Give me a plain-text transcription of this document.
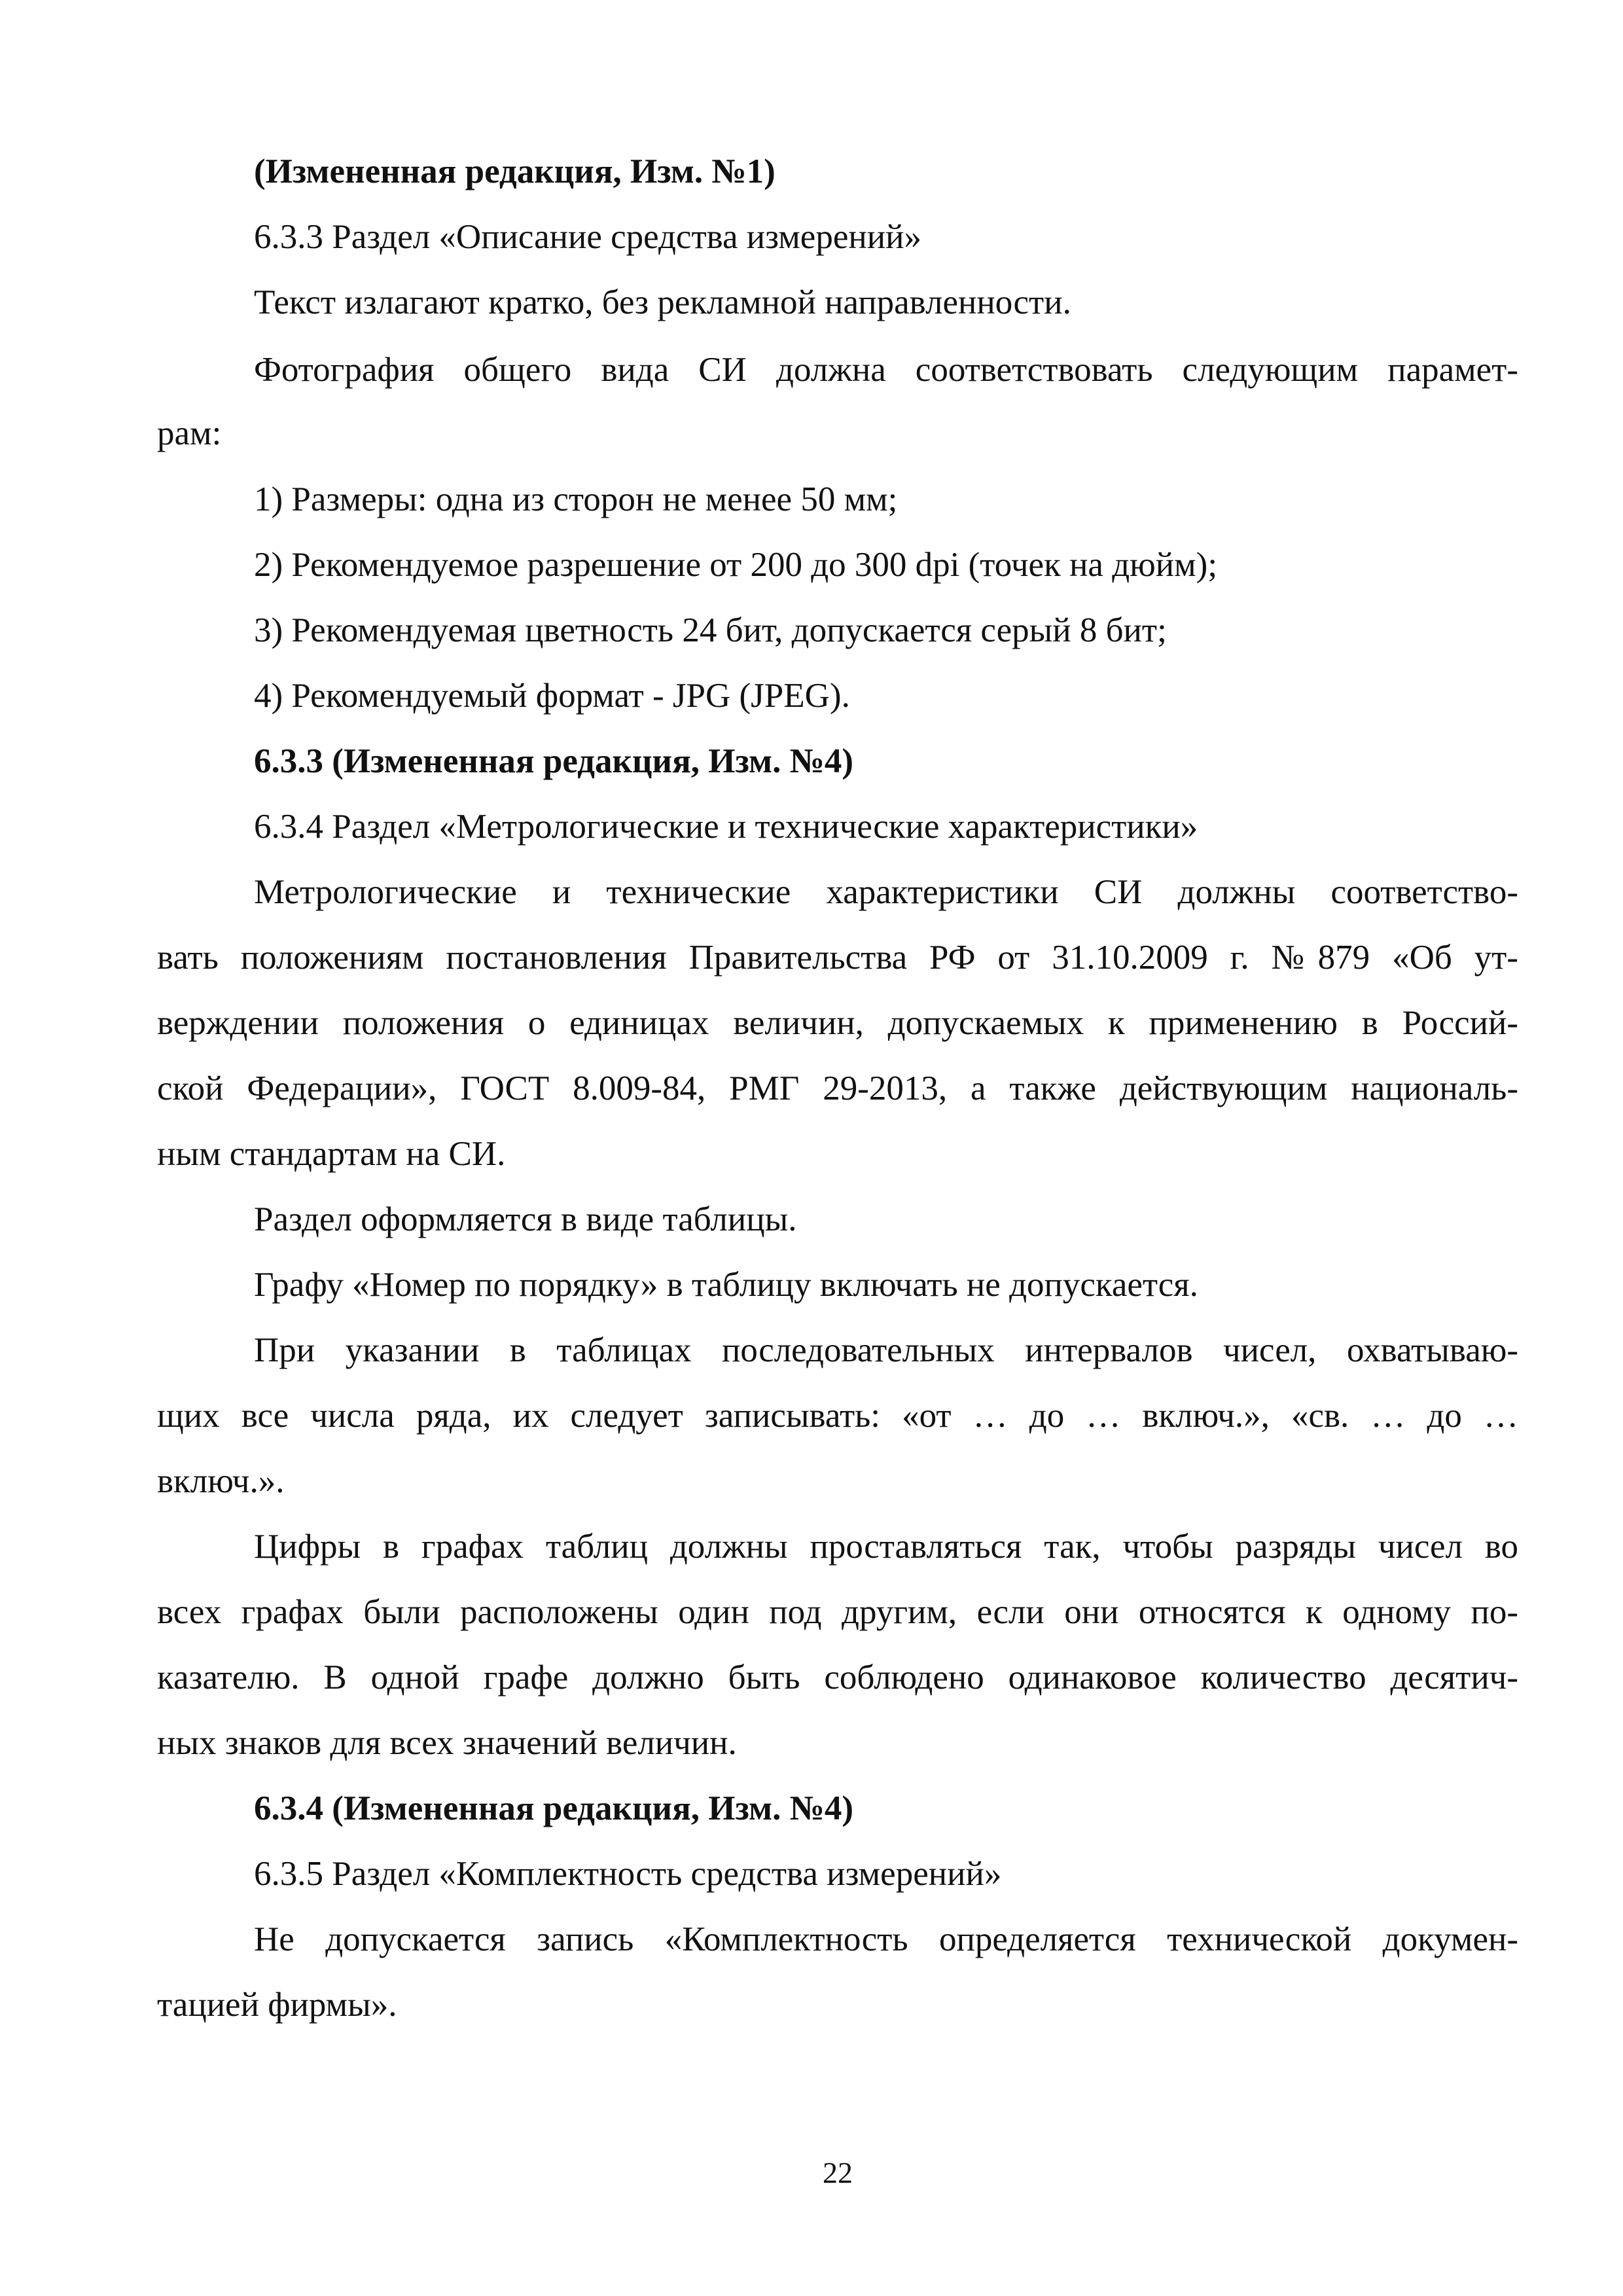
(Измененная редакция, Изм. №1)

6.3.3 Раздел «Описание средства измерений»

Текст излагают кратко, без рекламной направленности.

Фотография общего вида СИ должна соответствовать следующим парамет-

рам:

1) Размеры: одна из сторон не менее 50 мм;

2) Рекомендуемое разрешение от 200 до 300 dpi (точек на дюйм);

3) Рекомендуемая цветность 24 бит, допускается серый 8 бит;

4) Рекомендуемый формат - JPG (JPEG).

6.3.3 (Измененная редакция, Изм. №4)

6.3.4 Раздел «Метрологические и технические характеристики»

Метрологические и технические характеристики СИ должны соответство-

вать положениям постановления Правительства РФ от 31.10.2009 г. №879 «Об ут-

верждении положения о единицах величин, допускаемых к применению в Россий-

ской Федерации», ГОСТ 8.009-84, РМГ 29-2013, а также действующим националь-

ным стандартам на СИ.

Раздел оформляется в виде таблицы.

Графу «Номер по порядку» в таблицу включать не допускается.

При указании в таблицах последовательных интервалов чисел, охватываю-

щих все числа ряда, их следует записывать: «от … до … включ.», «св. … до …

включ.».

Цифры в графах таблиц должны проставляться так, чтобы разряды чисел во

всех графах были расположены один под другим, если они относятся к одному по-

казателю. В одной графе должно быть соблюдено одинаковое количество десятич-

ных знаков для всех значений величин.

6.3.4 (Измененная редакция, Изм. №4)

6.3.5 Раздел «Комплектность средства измерений»

Не допускается запись «Комплектность определяется технической докумен-

тацией фирмы».

22
